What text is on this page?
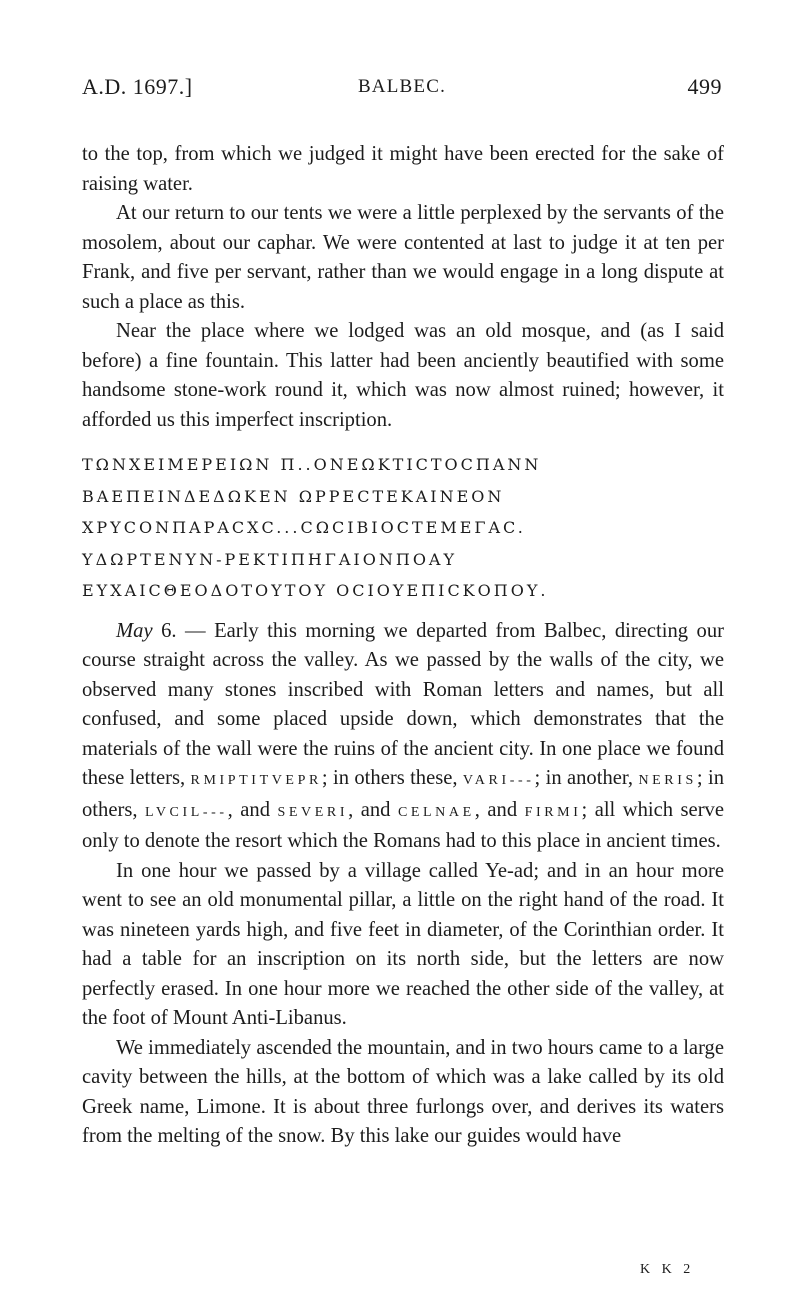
A.D. 1697.]	BALBEC.	499

to the top, from which we judged it might have been erected for the sake of raising water.

At our return to our tents we were a little perplexed by the servants of the mosolem, about our caphar. We were contented at last to judge it at ten per Frank, and five per servant, rather than we would engage in a long dispute at such a place as this.

Near the place where we lodged was an old mosque, and (as I said before) a fine fountain. This latter had been anciently beautified with some handsome stone-work round it, which was now almost ruined; however, it afforded us this imperfect inscription.

ΤΩΝΧΕΙΜΕΡΕΙΩΝ Π..ΟΝΕΩΚΤΙCΤΟCΠΑΝΝ
ΒΑΕΠΕΙΝΔΕΔΩΚΕΝ ΩΡΡΕCΤΕΚΑΙΝΕΟΝ
ΧΡΥCΟΝΠΑΡΑCΧC...CΩCΙΒΙΟCΤΕΜΕΓΑC.
ΥΔΩΡΤΕΝΥΝ-ΡΕΚΤΙΠΗΓΑΙΟΝΠΟΑΥ
ΕΥΧΑΙCΘΕΟΔΟΤΟΥΤΟΥ ΟCΙΟΥΕΠΙCΚΟΠΟΥ.

May 6. — Early this morning we departed from Balbec, directing our course straight across the valley. As we passed by the walls of the city, we observed many stones inscribed with Roman letters and names, but all confused, and some placed upside down, which demonstrates that the materials of the wall were the ruins of the ancient city. In one place we found these letters, RMIPTITVEPR; in others these, VARI---; in another, NERIS; in others, LVCIL---, and SEVERI, and CELNAE, and FIRMI; all which serve only to denote the resort which the Romans had to this place in ancient times.

In one hour we passed by a village called Ye-ad; and in an hour more went to see an old monumental pillar, a little on the right hand of the road. It was nineteen yards high, and five feet in diameter, of the Corinthian order. It had a table for an inscription on its north side, but the letters are now perfectly erased. In one hour more we reached the other side of the valley, at the foot of Mount Anti-Libanus.

We immediately ascended the mountain, and in two hours came to a large cavity between the hills, at the bottom of which was a lake called by its old Greek name, Limone. It is about three furlongs over, and derives its waters from the melting of the snow. By this lake our guides would have

K K 2
